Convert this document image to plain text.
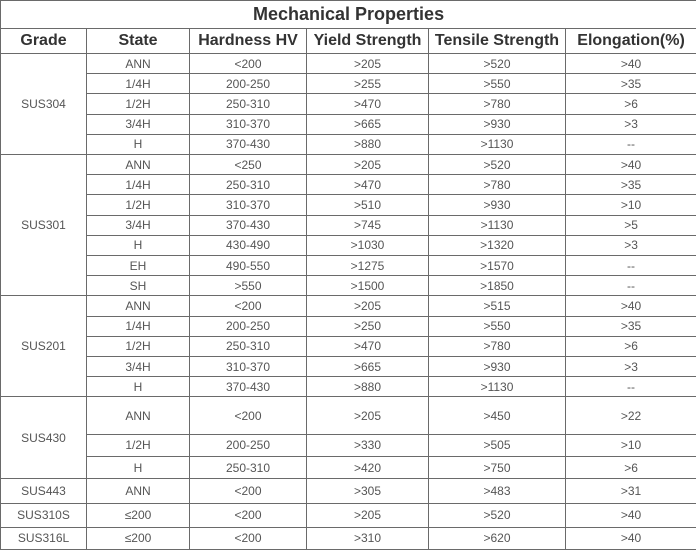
Mechanical Properties					
Grade	State	Hardness HV	Yield Strength	Tensile Strength	Elongation(%)
SUS304	ANN	<200	>205	>520	>40
	1/4H	200-250	>255	>550	>35
	1/2H	250-310	>470	>780	>6
	3/4H	310-370	>665	>930	>3
	H	370-430	>880	>1130	--
SUS301	ANN	<250	>205	>520	>40
	1/4H	250-310	>470	>780	>35
	1/2H	310-370	>510	>930	>10
	3/4H	370-430	>745	>1130	>5
	H	430-490	>1030	>1320	>3
	EH	490-550	>1275	>1570	--
	SH	>550	>1500	>1850	--
SUS201	ANN	<200	>205	>515	>40
	1/4H	200-250	>250	>550	>35
	1/2H	250-310	>470	>780	>6
	3/4H	310-370	>665	>930	>3
	H	370-430	>880	>1130	--
SUS430	ANN	<200	>205	>450	>22
	1/2H	200-250	>330	>505	>10
	H	250-310	>420	>750	>6
SUS443	ANN	<200	>305	>483	>31
SUS310S	≤200	<200	>205	>520	>40
SUS316L	≤200	<200	>310	>620	>40
